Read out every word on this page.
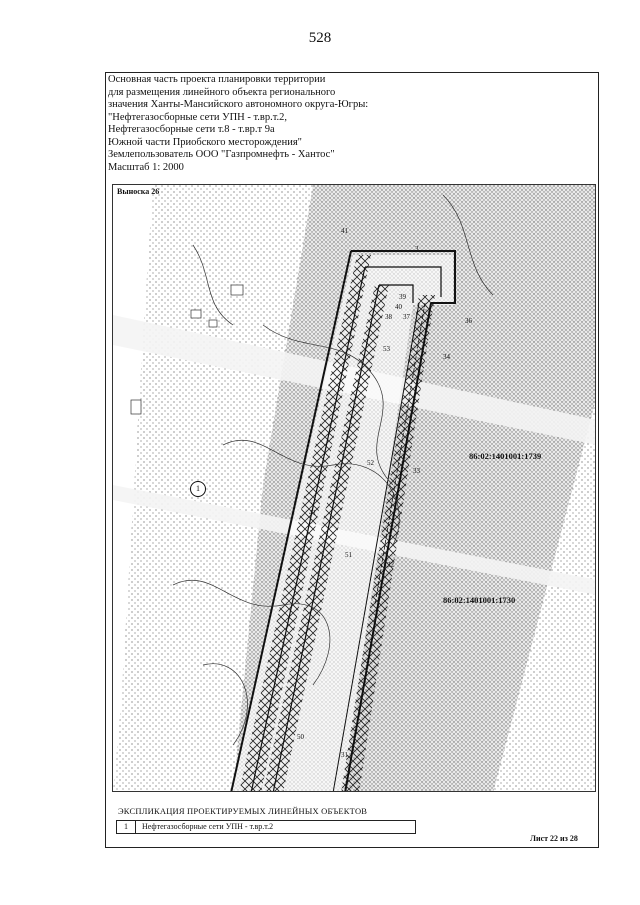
528
Основная часть проекта планировки территории
для размещения линейного объекта регионального
значения Ханты-Мансийского автономного округа-Югры:
"Нефтегазосборные сети УПН - т.вр.т.2,
Нефтегазосборные сети т.8 - т.вр.т 9а
Южной части Приобского месторождения"
Землепользователь ООО "Газпромнефть - Хантос"
Масштаб 1: 2000
Выноска 26
86:02:1401001:1739
86:02:1401001:1730
1
41
3
39
40
38 37	36
34
53
52
33
41
51
32
50
31
ЭКСПЛИКАЦИЯ ПРОЕКТИРУЕМЫХ ЛИНЕЙНЫХ ОБЪЕКТОВ
1	Нефтегазосборные сети УПН - т.вр.т.2
Лист 22 из 28
